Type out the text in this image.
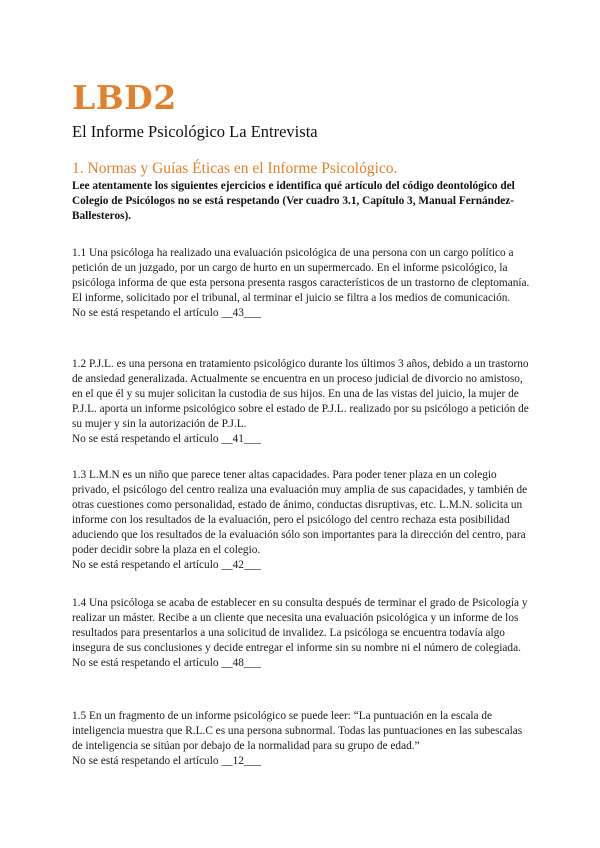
LBD2
El Informe Psicológico La Entrevista
1. Normas y Guías Éticas en el Informe Psicológico.
Lee atentamente los siguientes ejercicios e identifica qué artículo del código deontológico del Colegio de Psicólogos no se está respetando (Ver cuadro 3.1, Capítulo 3, Manual Fernández-Ballesteros).

1.1 Una psicóloga ha realizado una evaluación psicológica de una persona con un cargo político a petición de un juzgado, por un cargo de hurto en un supermercado. En el informe psicológico, la psicóloga informa de que esta persona presenta rasgos característicos de un trastorno de cleptomanía. El informe, solicitado por el tribunal, al terminar el juicio se filtra a los medios de comunicación.

No se está respetando el artículo __43___

1.2 P.J.L. es una persona en tratamiento psicológico durante los últimos 3 años, debido a un trastorno de ansiedad generalizada. Actualmente se encuentra en un proceso judicial de divorcio no amistoso, en el que él y su mujer solicitan la custodia de sus hijos. En una de las vistas del juicio, la mujer de P.J.L. aporta un informe psicológico sobre el estado de P.J.L. realizado por su psicólogo a petición de su mujer y sin la autorización de P.J.L.

No se está respetando el artículo __41___

1.3 L.M.N es un niño que parece tener altas capacidades. Para poder tener plaza en un colegio privado, el psicólogo del centro realiza una evaluación muy amplia de sus capacidades, y también de otras cuestiones como personalidad, estado de ánimo, conductas disruptivas, etc. L.M.N. solicita un informe con los resultados de la evaluación, pero el psicólogo del centro rechaza esta posibilidad aduciendo que los resultados de la evaluación sólo son importantes para la dirección del centro, para poder decidir sobre la plaza en el colegio.

No se está respetando el artículo __42___

1.4 Una psicóloga se acaba de establecer en su consulta después de terminar el grado de Psicología y realizar un máster. Recibe a un cliente que necesita una evaluación psicológica y un informe de los resultados para presentarlos a una solicitud de invalidez. La psicóloga se encuentra todavía algo insegura de sus conclusiones y decide entregar el informe sin su nombre ni el número de colegiada.

No se está respetando el artículo __48___

1.5 En un fragmento de un informe psicológico se puede leer: “La puntuación en la escala de inteligencia muestra que R.L.C es una persona subnormal. Todas las puntuaciones en las subescalas de inteligencia se sitúan por debajo de la normalidad para su grupo de edad.”

No se está respetando el artículo __12___
